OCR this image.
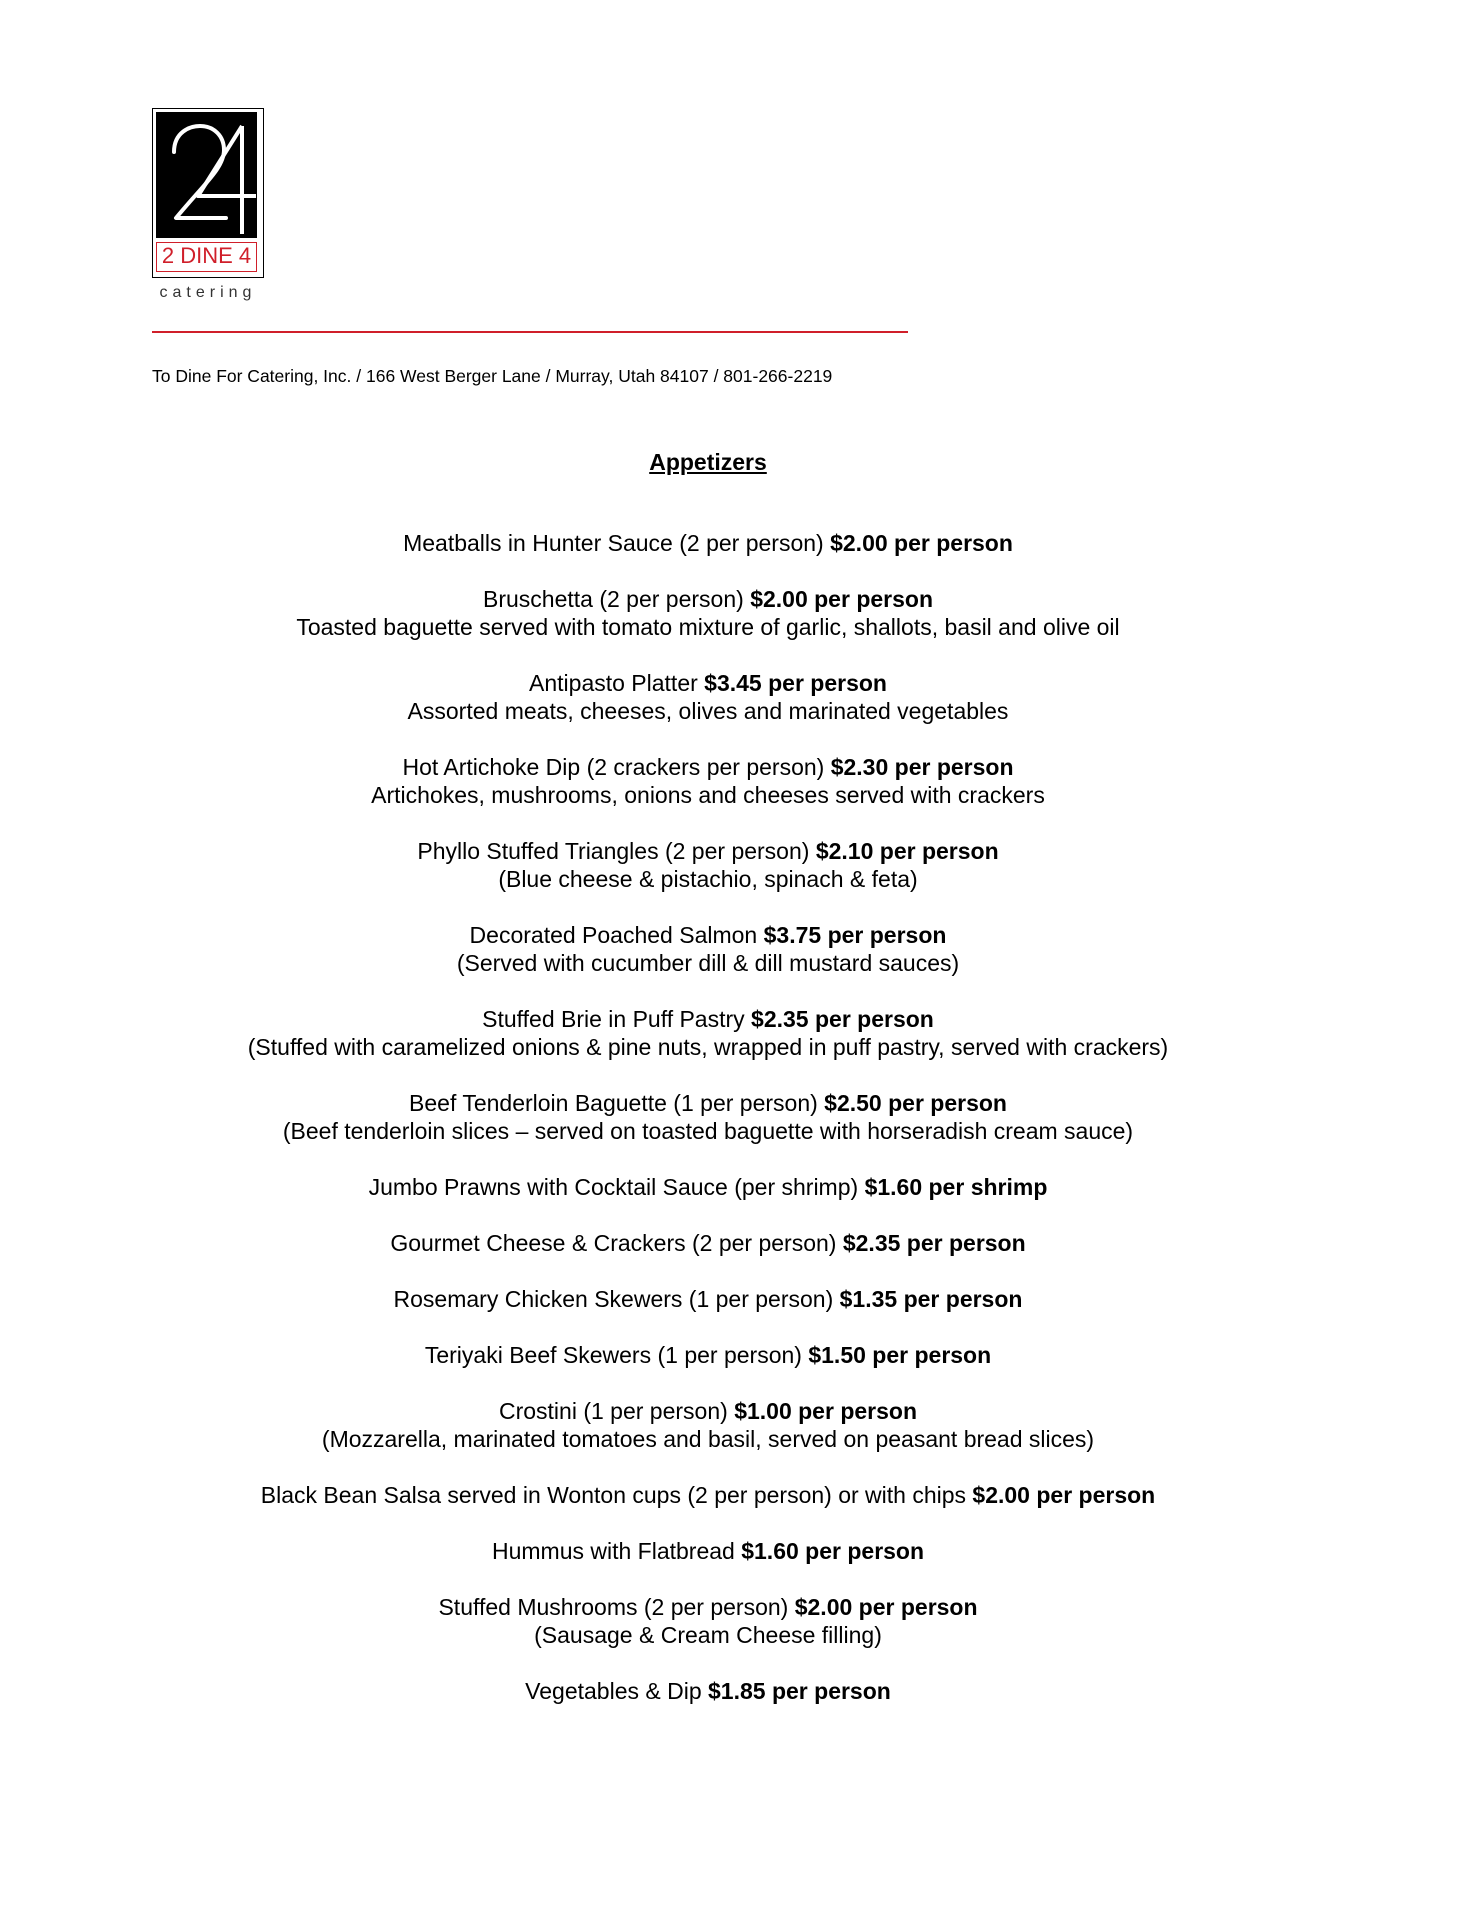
2 DINE 4
catering
To Dine For Catering, Inc. / 166 West Berger Lane / Murray, Utah 84107 / 801-266-2219
Appetizers
Meatballs in Hunter Sauce (2 per person) $2.00 per person
Bruschetta (2 per person) $2.00 per person
Toasted baguette served with tomato mixture of garlic, shallots, basil and olive oil
Antipasto Platter $3.45 per person
Assorted meats, cheeses, olives and marinated vegetables
Hot Artichoke Dip (2 crackers per person) $2.30 per person
Artichokes, mushrooms, onions and cheeses served with crackers
Phyllo Stuffed Triangles (2 per person) $2.10 per person
(Blue cheese & pistachio, spinach & feta)
Decorated Poached Salmon $3.75 per person
(Served with cucumber dill & dill mustard sauces)
Stuffed Brie in Puff Pastry $2.35 per person
(Stuffed with caramelized onions & pine nuts, wrapped in puff pastry, served with crackers)
Beef Tenderloin Baguette (1 per person) $2.50 per person
(Beef tenderloin slices – served on toasted baguette with horseradish cream sauce)
Jumbo Prawns with Cocktail Sauce (per shrimp) $1.60 per shrimp
Gourmet Cheese & Crackers (2 per person) $2.35 per person
Rosemary Chicken Skewers (1 per person) $1.35 per person
Teriyaki Beef Skewers (1 per person) $1.50 per person
Crostini (1 per person) $1.00 per person
(Mozzarella, marinated tomatoes and basil, served on peasant bread slices)
Black Bean Salsa served in Wonton cups (2 per person) or with chips $2.00 per person
Hummus with Flatbread $1.60 per person
Stuffed Mushrooms (2 per person) $2.00 per person
(Sausage & Cream Cheese filling)
Vegetables & Dip $1.85 per person
